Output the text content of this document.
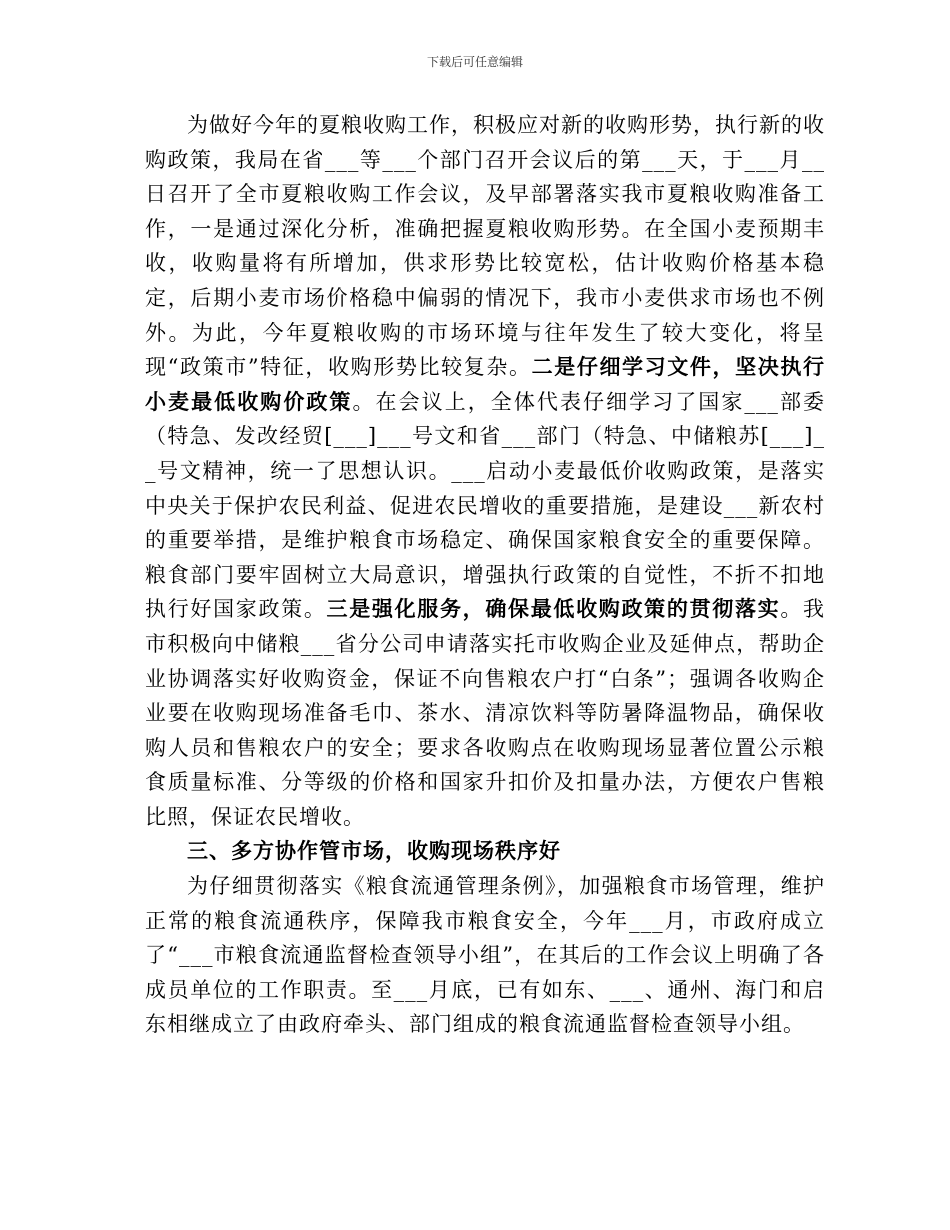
下载后可任意编辑

为做好今年的夏粮收购工作，积极应对新的收购形势，执行新的收购政策，我局在省___等___个部门召开会议后的第___天，于___月__日召开了全市夏粮收购工作会议，及早部署落实我市夏粮收购准备工作，一是通过深化分析，准确把握夏粮收购形势。在全国小麦预期丰收，收购量将有所增加，供求形势比较宽松，估计收购价格基本稳定，后期小麦市场价格稳中偏弱的情况下，我市小麦供求市场也不例外。为此，今年夏粮收购的市场环境与往年发生了较大变化，将呈现“政策市”特征，收购形势比较复杂。二是仔细学习文件，坚决执行小麦最低收购价政策。在会议上，全体代表仔细学习了国家___部委（特急、发改经贸[___]___号文和省___部门（特急、中储粮苏[___]__号文精神，统一了思想认识。___启动小麦最低价收购政策，是落实中央关于保护农民利益、促进农民增收的重要措施，是建设___新农村的重要举措，是维护粮食市场稳定、确保国家粮食安全的重要保障。粮食部门要牢固树立大局意识，增强执行政策的自觉性，不折不扣地执行好国家政策。三是强化服务，确保最低收购政策的贯彻落实。我市积极向中储粮___省分公司申请落实托市收购企业及延伸点，帮助企业协调落实好收购资金，保证不向售粮农户打“白条”；强调各收购企业要在收购现场准备毛巾、茶水、清凉饮料等防暑降温物品，确保收购人员和售粮农户的安全；要求各收购点在收购现场显著位置公示粮食质量标准、分等级的价格和国家升扣价及扣量办法，方便农户售粮比照，保证农民增收。

三、多方协作管市场，收购现场秩序好

为仔细贯彻落实《粮食流通管理条例》，加强粮食市场管理，维护正常的粮食流通秩序，保障我市粮食安全，今年___月，市政府成立了“___市粮食流通监督检查领导小组”，在其后的工作会议上明确了各成员单位的工作职责。至___月底，已有如东、___、通州、海门和启东相继成立了由政府牵头、部门组成的粮食流通监督检查领导小组。
